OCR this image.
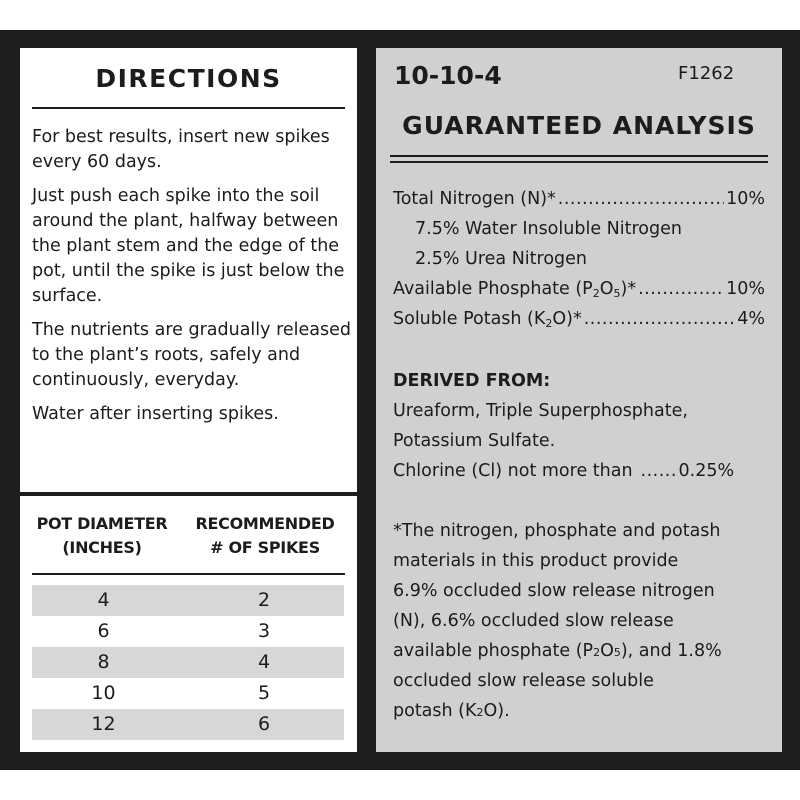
DIRECTIONS

For best results, insert new spikes every 60 days.

Just push each spike into the soil around the plant, halfway between the plant stem and the edge of the pot, until the spike is just below the surface.

The nutrients are gradually released to the plant’s roots, safely and continuously, everyday.

Water after inserting spikes.

POT DIAMETER
(INCHES)
RECOMMENDED
# OF SPIKES
4	2
6	3
8	4
10	5
12	6
10-10-4	F1262
GUARANTEED ANALYSIS
Total Nitrogen (N)* .....	10%
7.5% Water Insoluble Nitrogen
2.5% Urea Nitrogen
Available Phosphate $(P_2O_5)*$ .....	10%
Soluble Potash $(K_2O)*$ .....	4%
DERIVED FROM:
Ureaform, Triple Superphosphate,
Potassium Sulfate.
Chlorine (Cl) not more than .....	0.25%
*The nitrogen, phosphate and potash
materials in this product provide
6.9% occluded slow release nitrogen
(N), 6.6% occluded slow release
available phosphate (P 2 O 5 ), and 1.8%
occluded slow release soluble
potash (K 2 O).
